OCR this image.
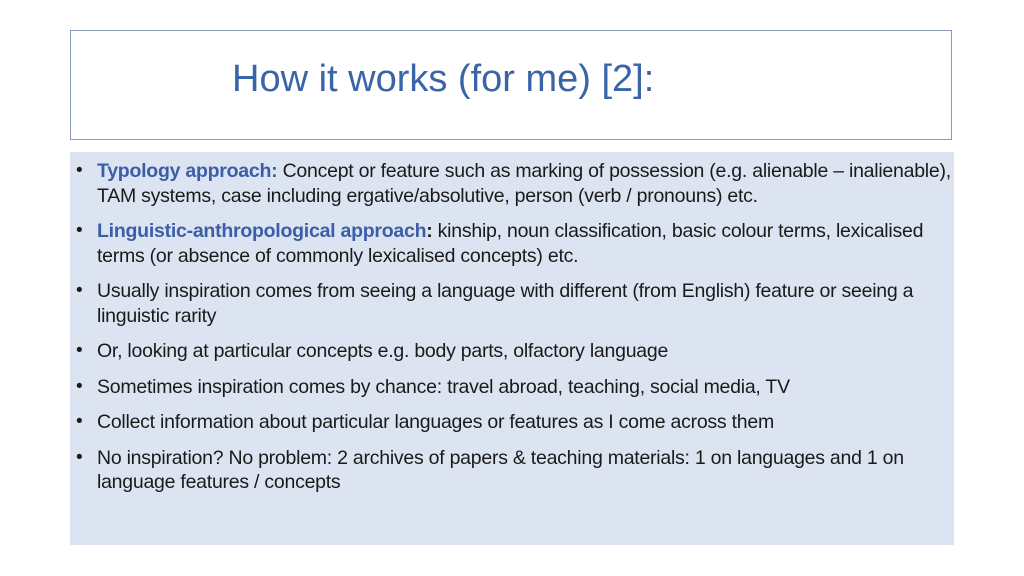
How it works (for me) [2]:
• Typology approach: Concept or feature such as marking of possession (e.g. alienable – inalienable), TAM systems, case including ergative/absolutive, person (verb / pronouns) etc.
• Linguistic-anthropological approach: kinship, noun classification, basic colour terms, lexicalised terms (or absence of commonly lexicalised concepts) etc.
• Usually inspiration comes from seeing a language with different (from English) feature or seeing a linguistic rarity
• Or, looking at particular concepts e.g. body parts, olfactory language
• Sometimes inspiration comes by chance: travel abroad, teaching, social media, TV
• Collect information about particular languages or features as I come across them
• No inspiration? No problem: 2 archives of papers & teaching materials: 1 on languages and 1 on language features / concepts
